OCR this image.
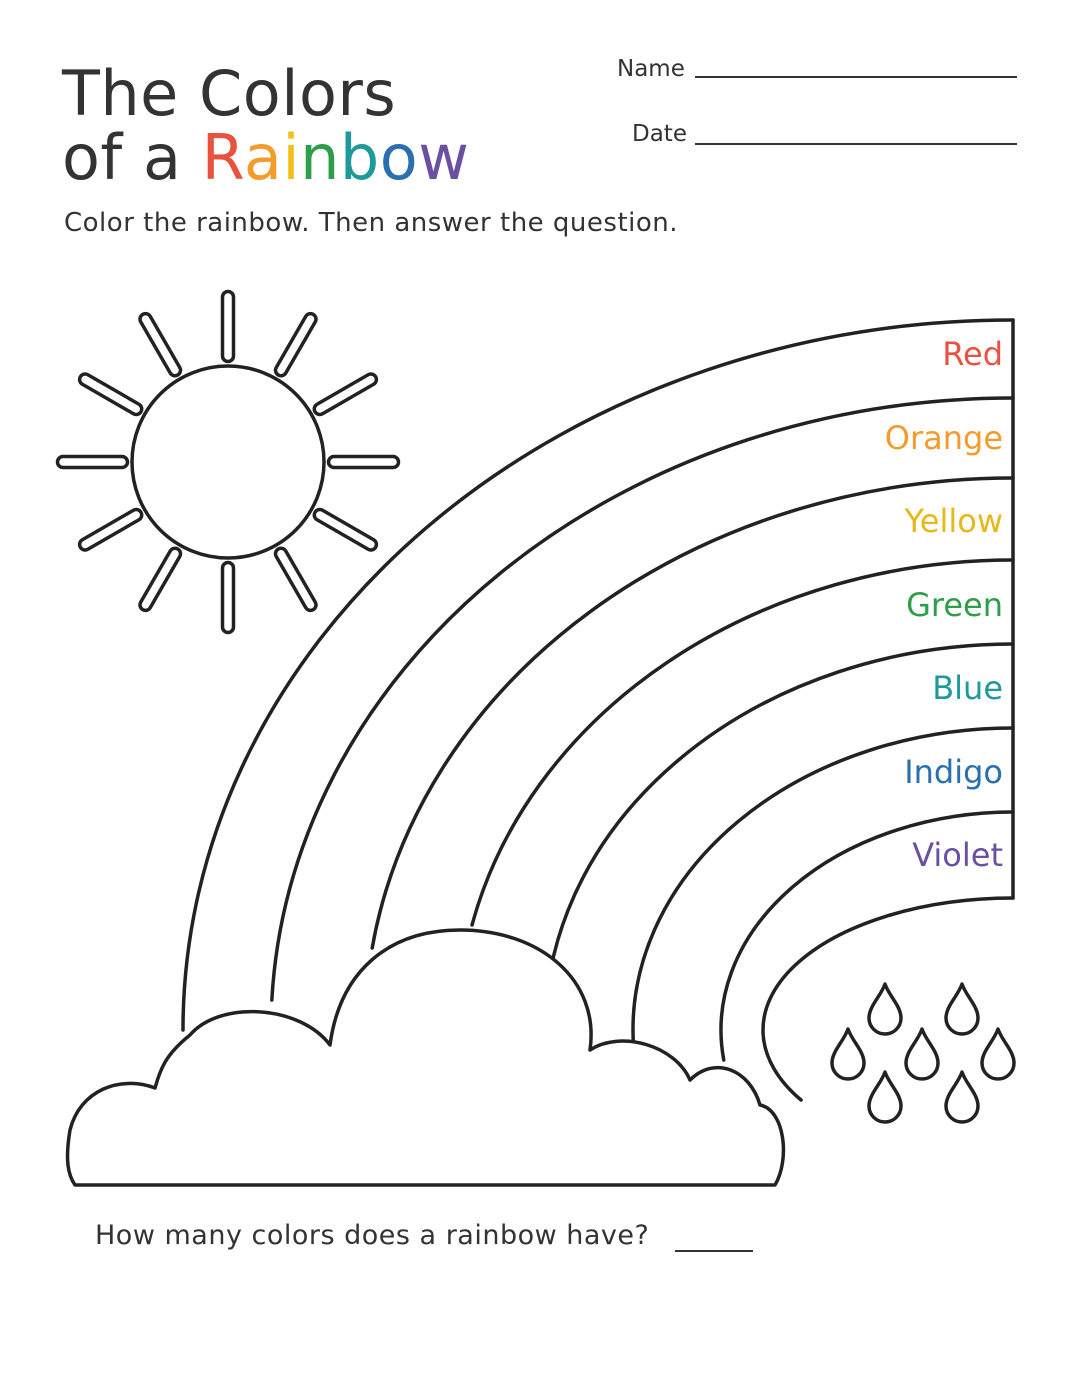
The Colors
of a Rainbow
Name
Date
Color the rainbow. Then answer the question.
Red
Orange
Yellow
Green
Blue
Indigo
Violet
How many colors does a rainbow have?
